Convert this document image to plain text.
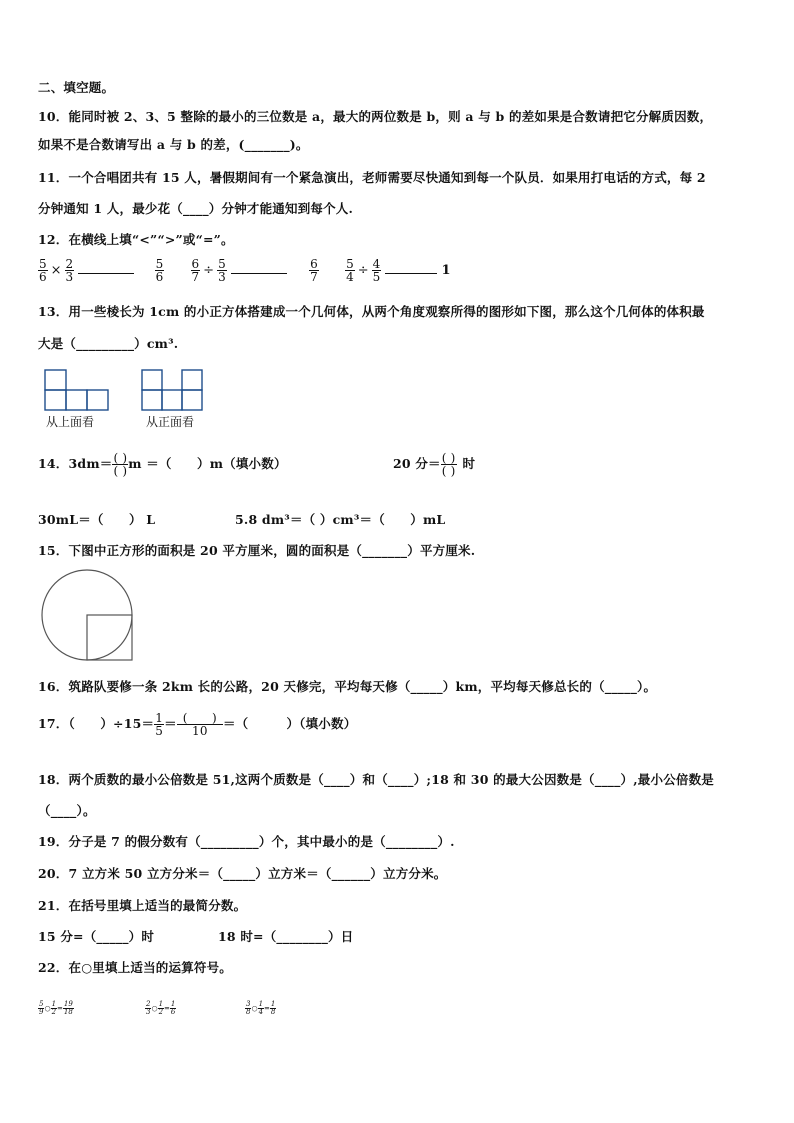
二、填空题。
10．能同时被 2、3、5 整除的最小的三位数是 a，最大的两位数是 b，则 a 与 b 的差如果是合数请把它分解质因数，
如果不是合数请写出 a 与 b 的差，(_______)。
11．一个合唱团共有 15 人，暑假期间有一个紧急演出，老师需要尽快通知到每一个队员．如果用打电话的方式，每 2
分钟通知 1 人，最少花（____）分钟才能通知到每个人.
12．在横线上填“<”“>”或“=”。
$\frac{5}{6} \times \frac{2}{3}$
	$\frac{5}{6}$
$\frac{6}{7} \div \frac{5}{3}$
	$\frac{6}{7}$
$\frac{5}{4} \div \frac{4}{5}$	1
13．用一些棱长为 1cm 的小正方体搭建成一个几何体，从两个角度观察所得的图形如下图，那么这个几何体的体积最
大是（_________）cm³.
从上面看	从正面看
14．$3dm= \frac{( )}{( )}$ m ＝（　　）m（填小数）	20 分＝ $\frac{( )}{( )}$ 时
30mL＝（　　） L	5.8 dm³＝（ ）cm³＝（　　）mL
15．下图中正方形的面积是 20 平方厘米，圆的面积是（_______）平方厘米.
16．筑路队要修一条 2km 长的公路，20 天修完，平均每天修（_____）km，平均每天修总长的（_____）。
17．（　　）$\div 15= \frac{1}{5} = \frac{( )}{10}$ ＝（　　　）（填小数）
18．两个质数的最小公倍数是 51,这两个质数是（____）和（____）;18 和 30 的最大公因数是（____）,最小公倍数是
（____）。
19．分子是 7 的假分数有（_________）个，其中最小的是（________）.
20．7 立方米 50 立方分米＝（_____）立方米＝（______）立方分米。
21．在括号里填上适当的最简分数。
15 分=（_____）时	18 时=（________）日
22．在○里填上适当的运算符号。
$\frac{5}{9}$ ○ $\frac{1}{2} = \frac{19}{18}$	$\frac{2}{3}$ ○ $\frac{1}{2} = \frac{1}{6}$	$\frac{3}{8}$ ○ $\frac{1}{4} = \frac{1}{8}$
